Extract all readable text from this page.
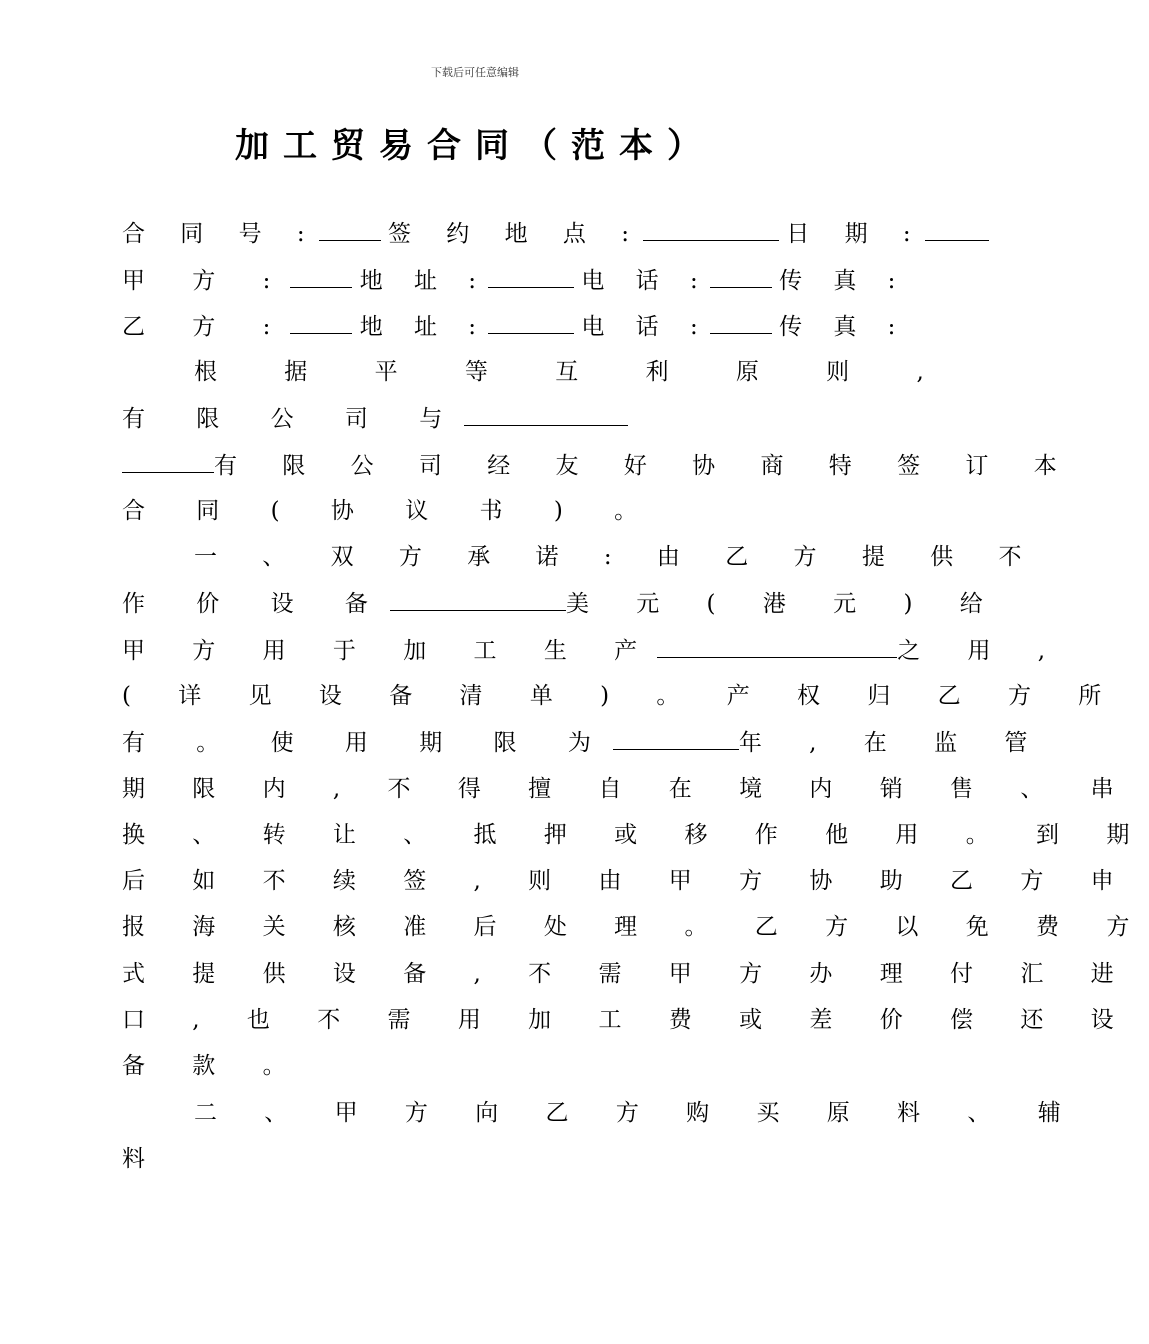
下载后可任意编辑
加工贸易合同（范本）
合 同 号 :	签 约 地 点 :	日 期 :
甲 方 :	地 址 :	电 话 :	传 真 :
乙 方 :	地 址 :	电 话 :	传 真 :
根 据 平 等 互 利 原 则 ,
有 限 公 司 与
有 限 公 司 经 友 好 协 商 特 签 订 本
合 同 ( 协 议 书 ) 。
一 、 双 方 承 诺 : 由 乙 方 提 供 不
作 价 设 备	美 元 ( 港 元 ) 给
甲 方 用 于 加 工 生 产	之 用 ,
( 详 见 设 备 清 单 ) 。 产 权 归 乙 方 所
有 。 使 用 期 限 为	年 , 在 监 管
期 限 内 , 不 得 擅 自 在 境 内 销 售 、 串
换 、 转 让 、 抵 押 或 移 作 他 用 。 到 期
后 如 不 续 签 , 则 由 甲 方 协 助 乙 方 申
报 海 关 核 准 后 处 理 。 乙 方 以 免 费 方
式 提 供 设 备 , 不 需 甲 方 办 理 付 汇 进
口 , 也 不 需 用 加 工 费 或 差 价 偿 还 设
备 款 。
二 、 甲 方 向 乙 方 购 买 原 料 、 辅
料
